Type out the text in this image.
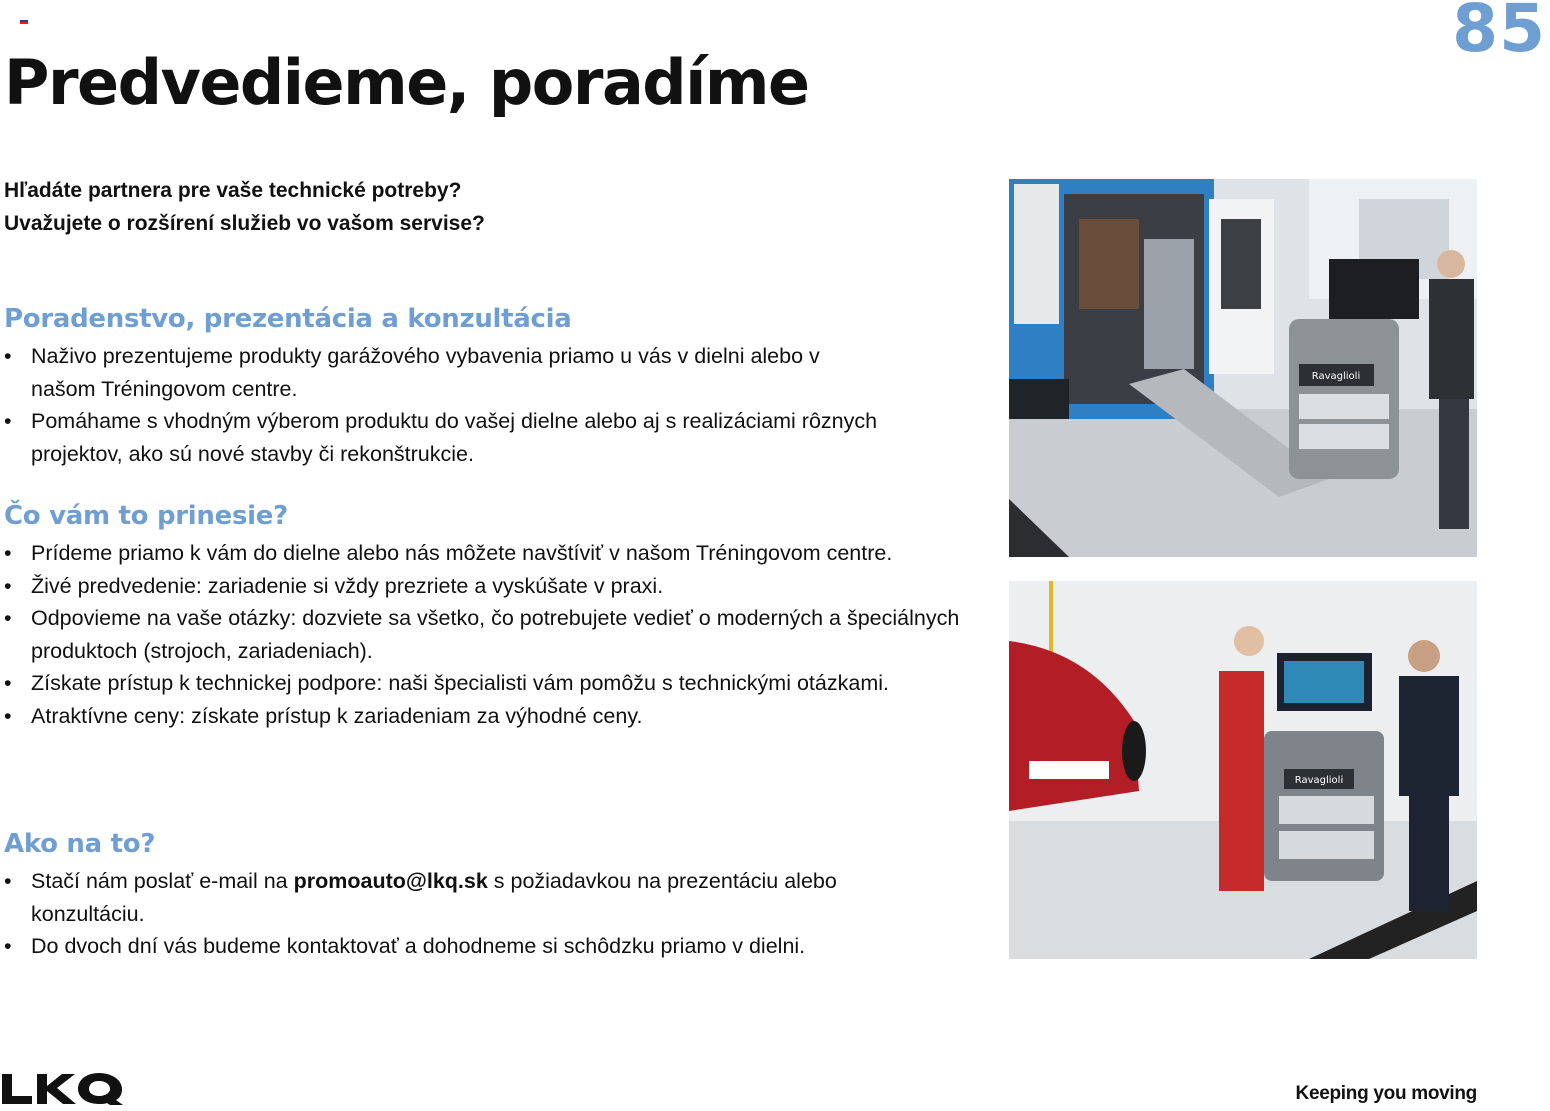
85
Predvedieme, poradíme
Hľadáte partnera pre vaše technické potreby?
Uvažujete o rozšírení služieb vo vašom servise?
Poradenstvo, prezentácia a konzultácia
• Naživo prezentujeme produkty garážového vybavenia priamo u vás v dielni alebo v našom Tréningovom centre.
• Pomáhame s vhodným výberom produktu do vašej dielne alebo aj s realizáciami rôznych projektov, ako sú nové stavby či rekonštrukcie.
Čo vám to prinesie?
• Prídeme priamo k vám do dielne alebo nás môžete navštíviť v našom Tréningovom centre.
• Živé predvedenie: zariadenie si vždy prezriete a vyskúšate v praxi.
• Odpovieme na vaše otázky: dozviete sa všetko, čo potrebujete vedieť o moderných a špeciálnych produktoch (strojoch, zariadeniach).
• Získate prístup k technickej podpore: naši špecialisti vám pomôžu s technickými otázkami.
• Atraktívne ceny: získate prístup k zariadeniam za výhodné ceny.
Ako na to?
• Stačí nám poslať e-mail na promoauto@lkq.sk s požiadavkou na prezentáciu alebo konzultáciu.
• Do dvoch dní vás budeme kontaktovať a dohodneme si schôdzku priamo v dielni.
Ravaglioli
Ravaglioli
Keeping you moving
